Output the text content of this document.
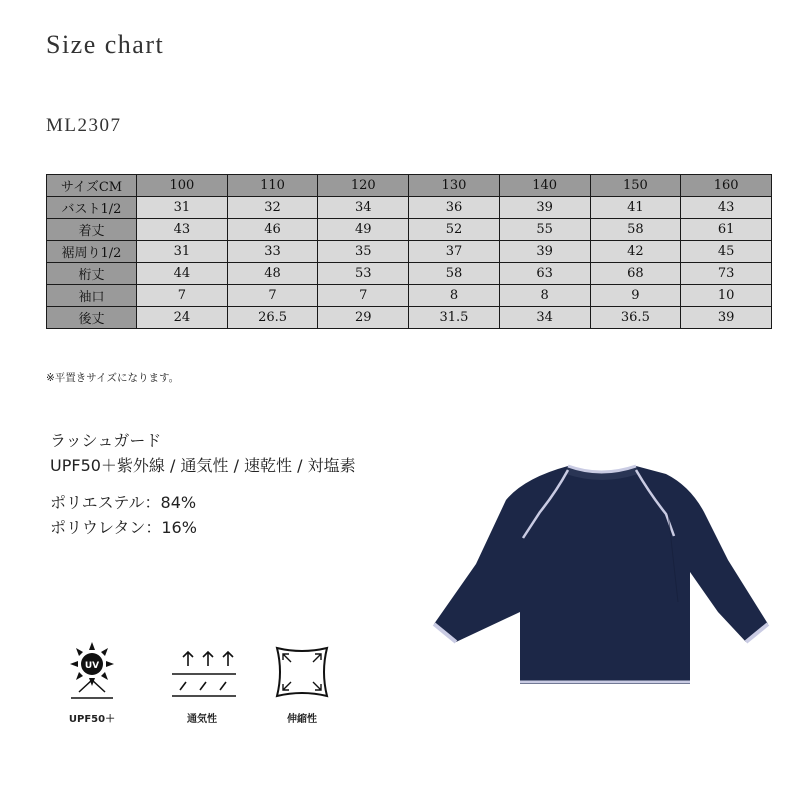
Size chart
ML2307
サイズCM	100	110	120	130	140	150	160
バスト1/2	31	32	34	36	39	41	43
着丈	43	46	49	52	55	58	61
裾周り1/2	31	33	35	37	39	42	45
桁丈	44	48	53	58	63	68	73
袖口	7	7	7	8	8	9	10
後丈	24	26.5	29	31.5	34	36.5	39
※平置きサイズになります。
ラッシュガード
UPF50＋紫外線 / 通気性 / 速乾性 / 対塩素
ポリエステル：84%
ポリウレタン：16%
UV
UPF50＋	通気性	伸縮性
